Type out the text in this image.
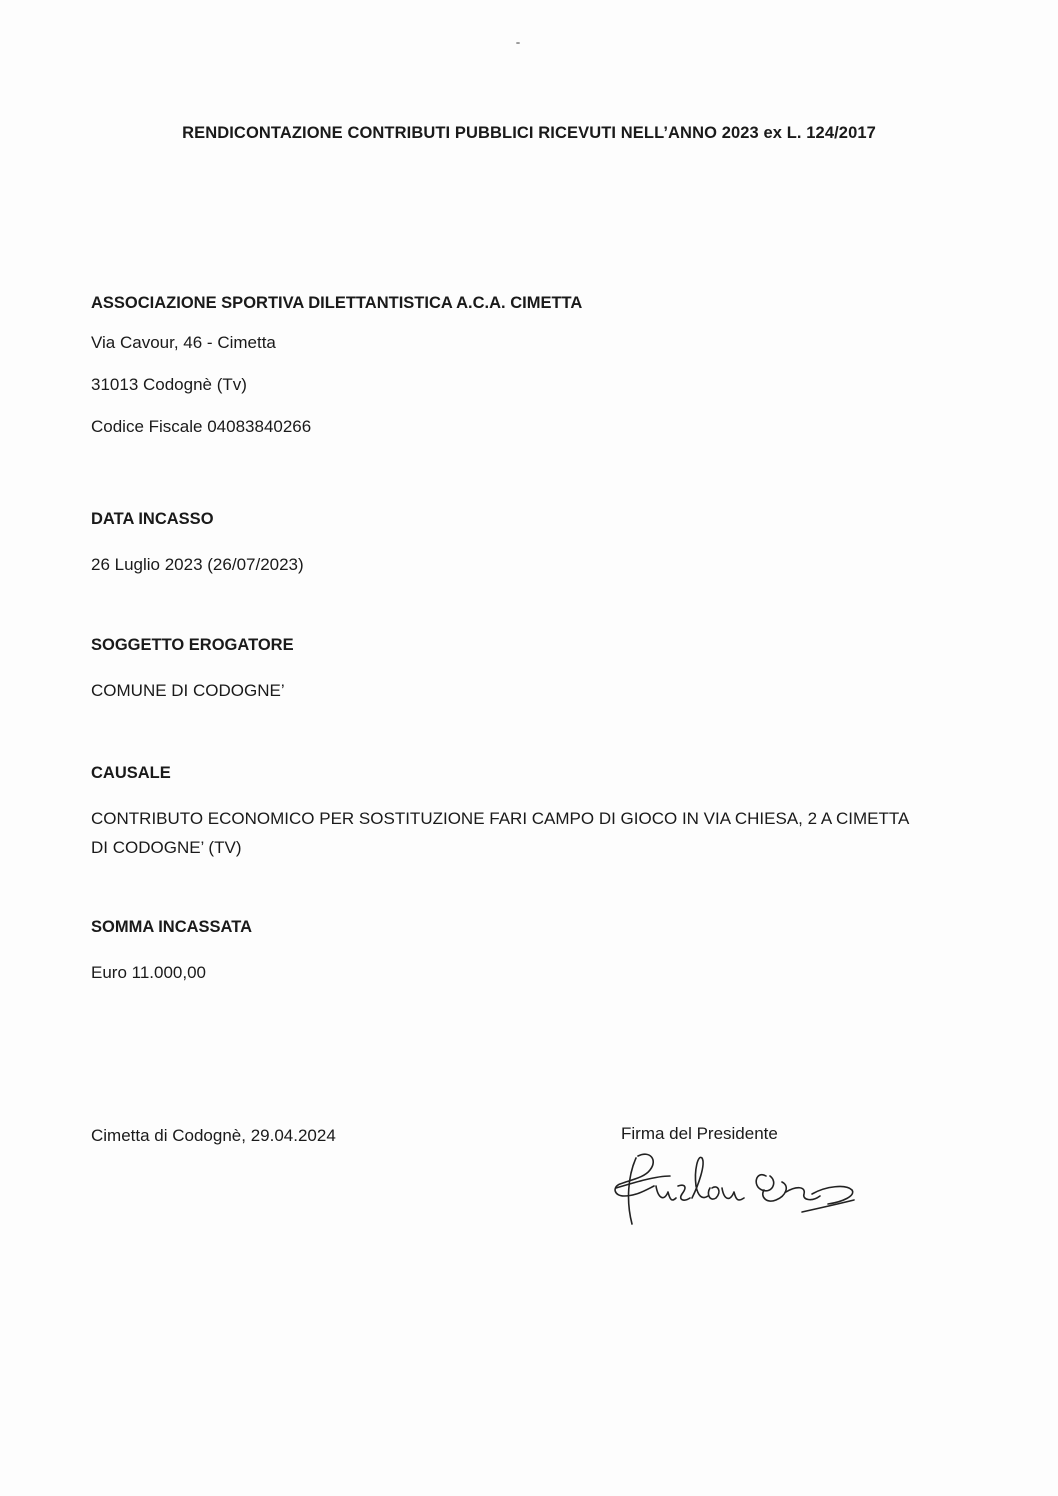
RENDICONTAZIONE CONTRIBUTI PUBBLICI RICEVUTI NELL’ANNO 2023 ex L. 124/2017

ASSOCIAZIONE SPORTIVA DILETTANTISTICA A.C.A. CIMETTA

Via Cavour, 46 - Cimetta

31013 Codognè (Tv)

Codice Fiscale 04083840266

DATA INCASSO

26 Luglio 2023 (26/07/2023)

SOGGETTO EROGATORE

COMUNE DI CODOGNE’

CAUSALE

CONTRIBUTO ECONOMICO PER SOSTITUZIONE FARI CAMPO DI GIOCO IN VIA CHIESA, 2 A CIMETTA

DI CODOGNE’ (TV)

SOMMA INCASSATA

Euro 11.000,00

Cimetta di Codognè, 29.04.2024	Firma del Presidente
